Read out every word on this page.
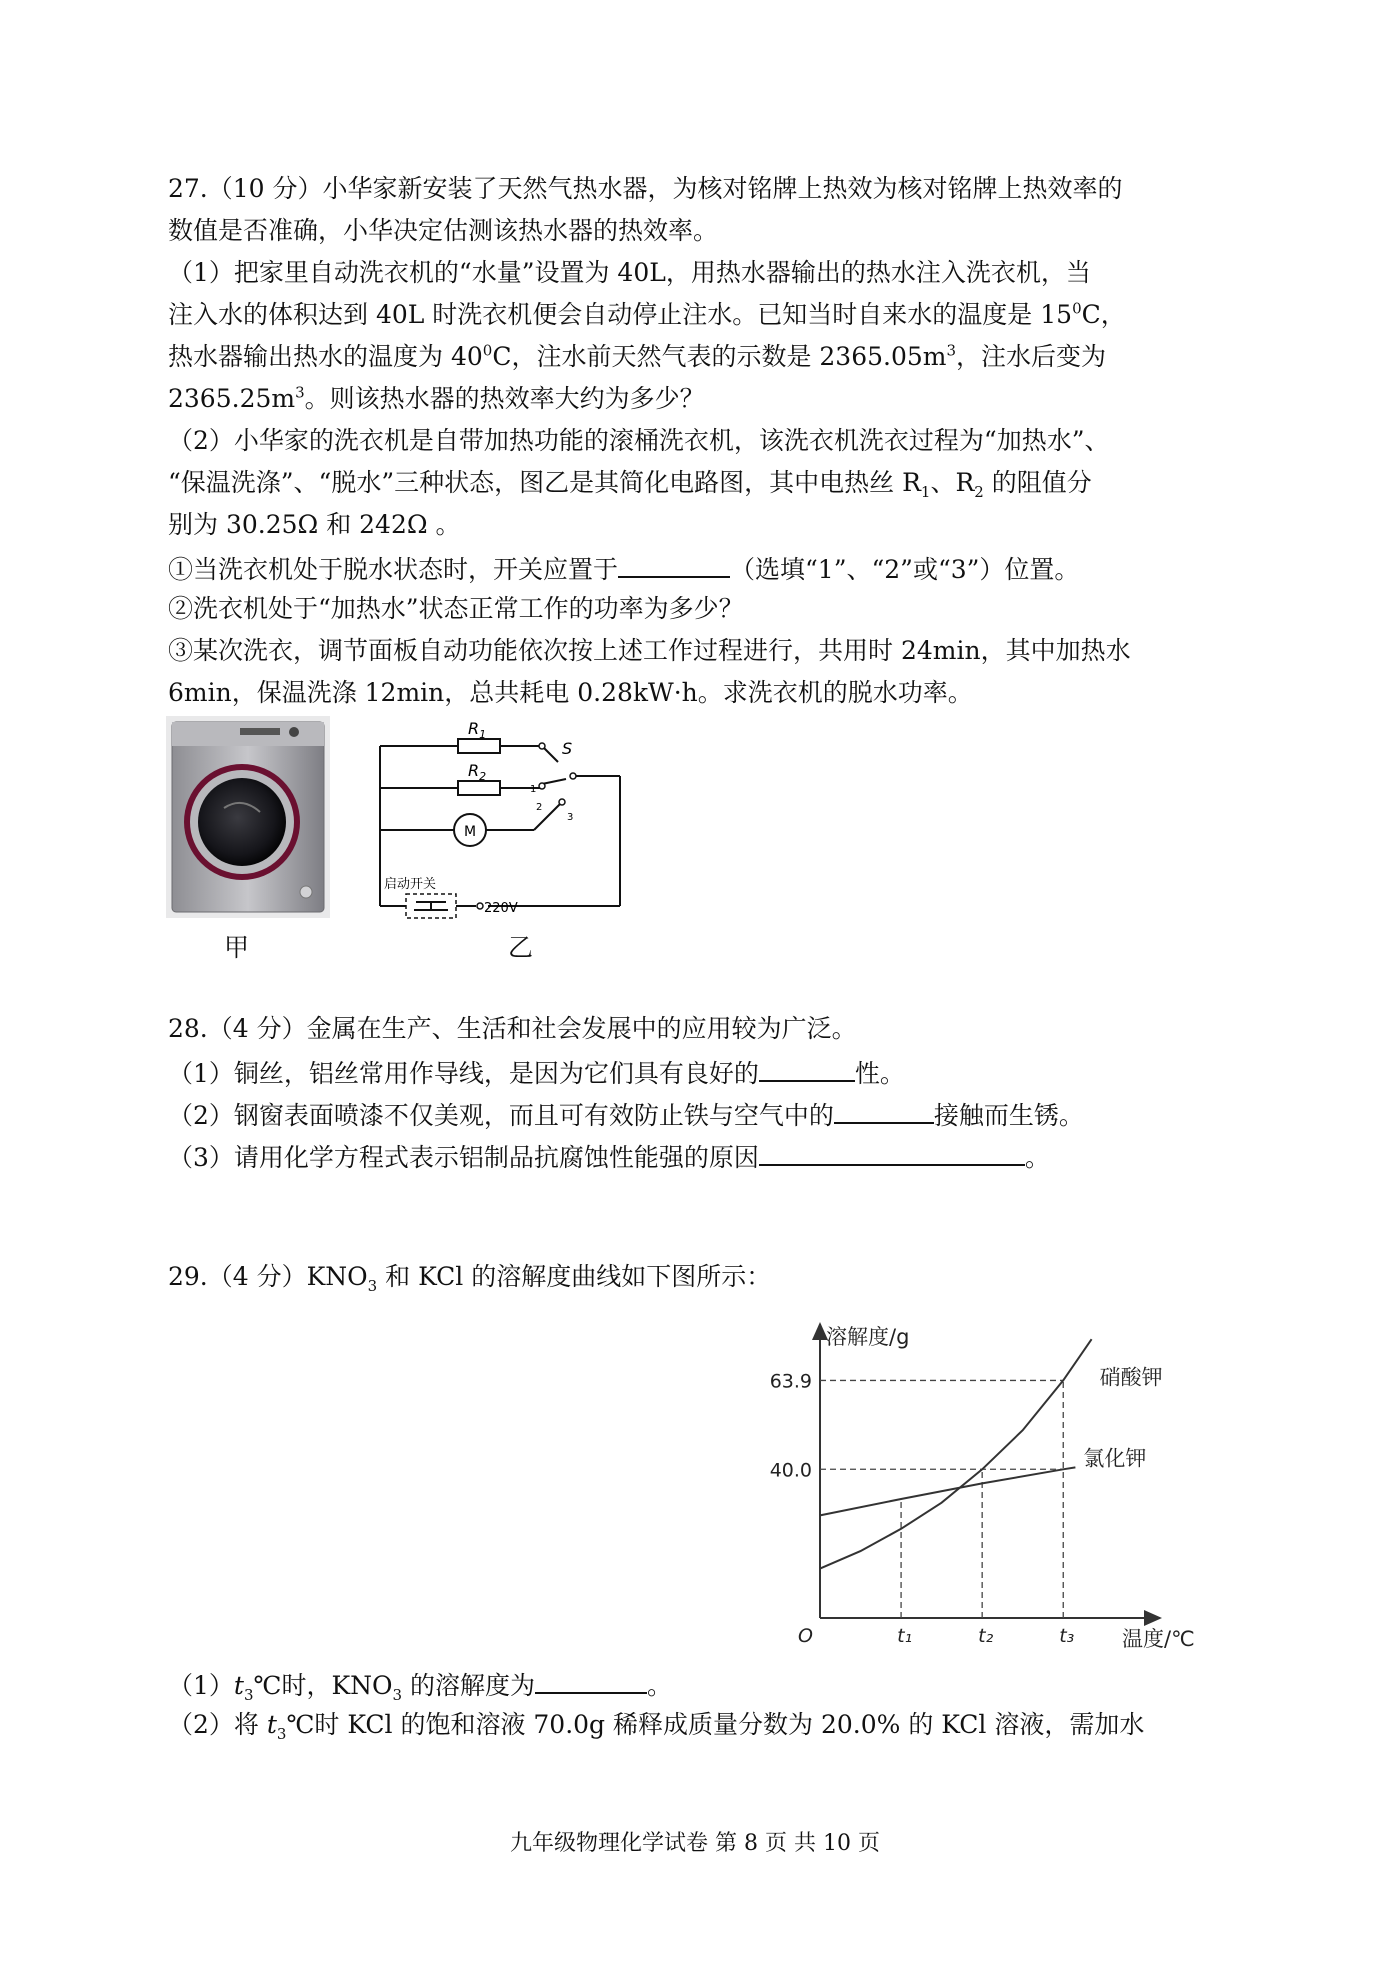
27.（10 分）小华家新安装了天然气热水器，为核对铭牌上热效为核对铭牌上热效率的
数值是否准确，小华决定估测该热水器的热效率。
（1）把家里自动洗衣机的“水量”设置为 40L，用热水器输出的热水注入洗衣机，当
注入水的体积达到 40L 时洗衣机便会自动停止注水。已知当时自来水的温度是 $15^0C$，
热水器输出热水的温度为 $40^0C$，注水前天然气表的示数是 $2365.05m^3$，注水后变为
$2365.25m^3$。则该热水器的热效率大约为多少？
（2）小华家的洗衣机是自带加热功能的滚桶洗衣机，该洗衣机洗衣过程为“加热水”、
“保温洗涤”、“脱水”三种状态，图乙是其简化电路图，其中电热丝 $R_1$、$R_2$ 的阻值分
别为 30.25Ω 和 242Ω 。
①当洗衣机处于脱水状态时，开关应置于	（选填“1”、“2”或“3”）位置。
②洗衣机处于“加热水”状态正常工作的功率为多少？
③某次洗衣，调节面板自动功能依次按上述工作过程进行，共用时 24min，其中加热水
6min，保温洗涤 12min，总共耗电 0.28kW·h。求洗衣机的脱水功率。
甲
$R_1$
$R_2$
S
M
1
2
3
启动开关
220V
乙
28.（4 分）金属在生产、生活和社会发展中的应用较为广泛。
（1）铜丝，铝丝常用作导线，是因为它们具有良好的	性。
（2）钢窗表面喷漆不仅美观，而且可有效防止铁与空气中的	接触而生锈。
（3）请用化学方程式表示铝制品抗腐蚀性能强的原因	。
29.（4 分）$KNO_3$ 和 KCl 的溶解度曲线如下图所示：
40.0
63.9
t₁	t₂	t₃
硝酸钾
氯化钾
溶解度/g
温度/℃
O
$(1)t_3℃$时，$KNO_3$ 的溶解度为	。
（2）将 $t_3℃$时 KCl 的饱和溶液 70.0g 稀释成质量分数为 20.0% 的 KCl 溶液，需加水
九年级物理化学试卷 第 8 页 共 10 页
